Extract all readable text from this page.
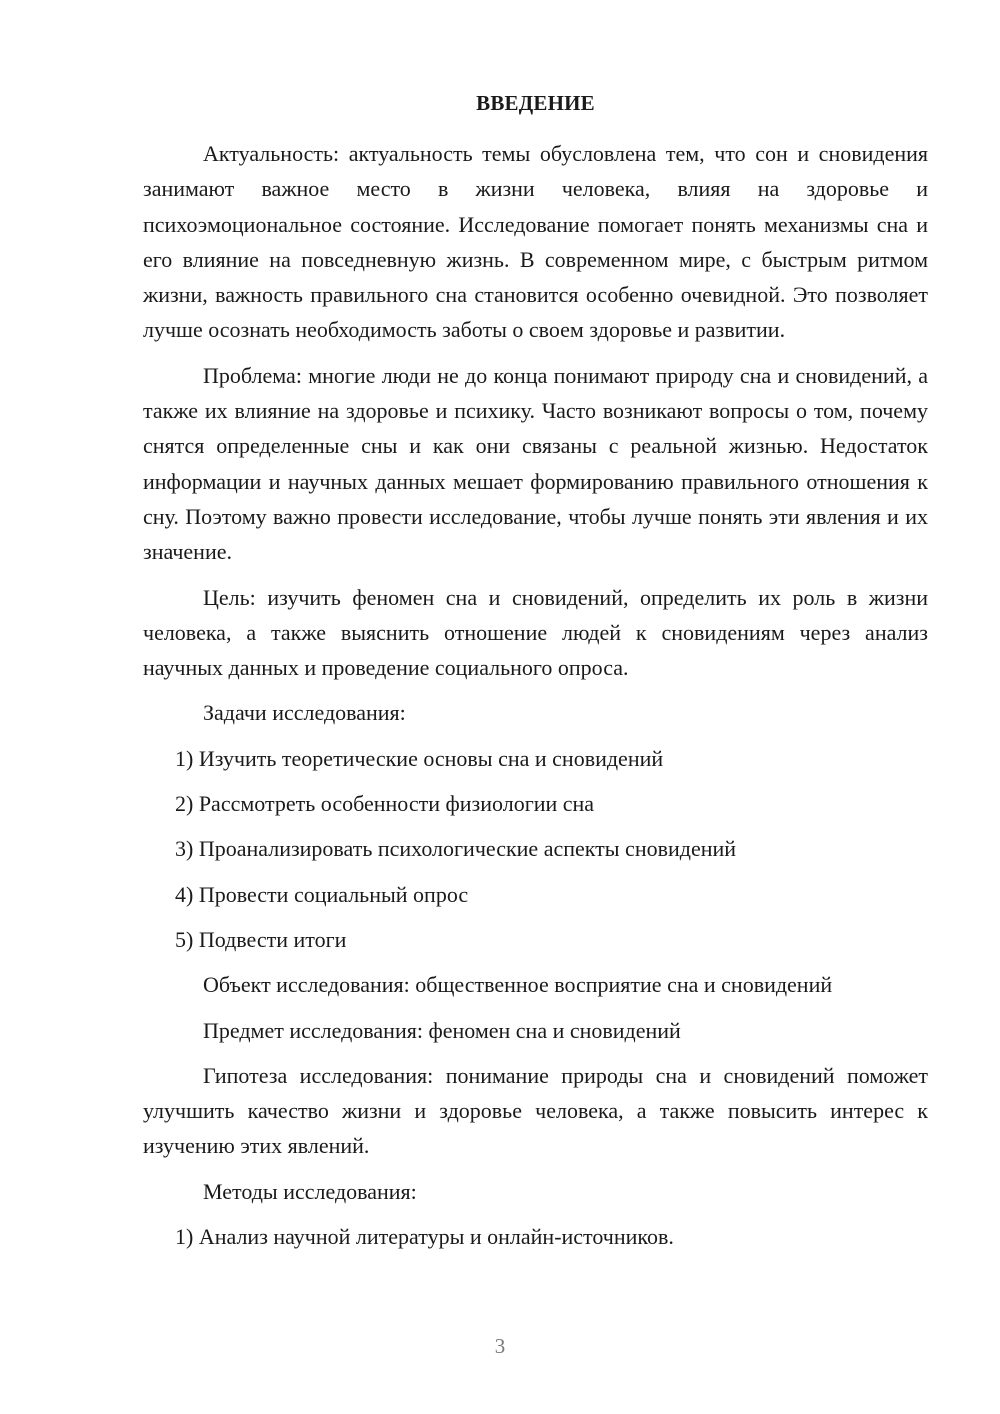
ВВЕДЕНИЕ

Актуальность: актуальность темы обусловлена тем, что сон и сновидения занимают важное место в жизни человека, влияя на здоровье и психоэмоциональное состояние. Исследование помогает понять механизмы сна и его влияние на повседневную жизнь. В современном мире, с быстрым ритмом жизни, важность правильного сна становится особенно очевидной. Это позволяет лучше осознать необходимость заботы о своем здоровье и развитии.

Проблема: многие люди не до конца понимают природу сна и сновидений, а также их влияние на здоровье и психику. Часто возникают вопросы о том, почему снятся определенные сны и как они связаны с реальной жизнью. Недостаток информации и научных данных мешает формированию правильного отношения к сну. Поэтому важно провести исследование, чтобы лучше понять эти явления и их значение.

Цель: изучить феномен сна и сновидений, определить их роль в жизни человека, а также выяснить отношение людей к сновидениям через анализ научных данных и проведение социального опроса.

Задачи исследования:
1) Изучить теоретические основы сна и сновидений
2) Рассмотреть особенности физиологии сна
3) Проанализировать психологические аспекты сновидений
4) Провести социальный опрос
5) Подвести итоги
Объект исследования: общественное восприятие сна и сновидений
Предмет исследования: феномен сна и сновидений

Гипотеза исследования: понимание природы сна и сновидений поможет улучшить качество жизни и здоровье человека, а также повысить интерес к изучению этих явлений.

Методы исследования:
1) Анализ научной литературы и онлайн-источников.
3
